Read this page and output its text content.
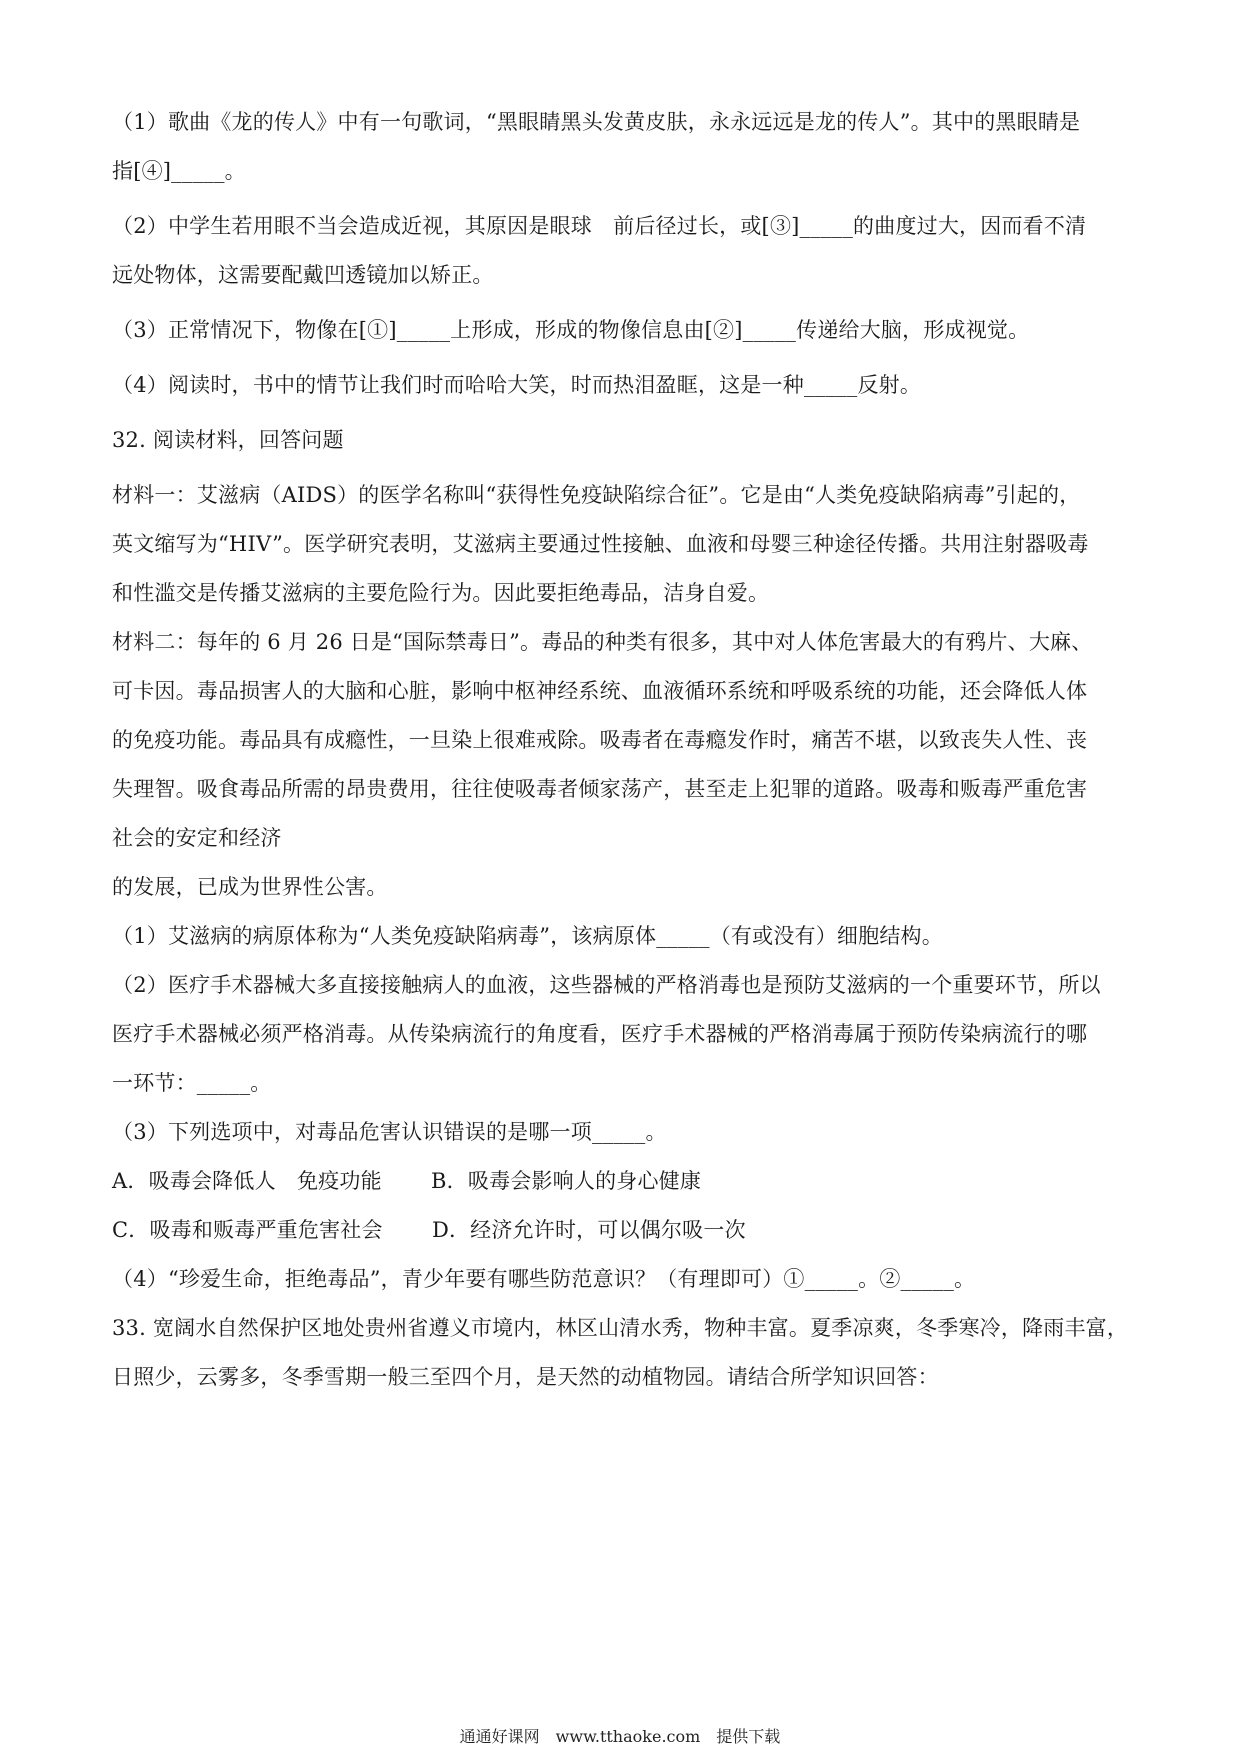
（1）歌曲《龙的传人》中有一句歌词，“黑眼睛黑头发黄皮肤，永永远远是龙的传人”。其中的黑眼睛是
指[④]_____。
（2）中学生若用眼不当会造成近视，其原因是眼球　前后径过长，或[③]_____的曲度过大，因而看不清
远处物体，这需要配戴凹透镜加以矫正。
（3）正常情况下，物像在[①]_____上形成，形成的物像信息由[②]_____传递给大脑，形成视觉。
（4）阅读时，书中的情节让我们时而哈哈大笑，时而热泪盈眶，这是一种_____反射。
32. 阅读材料，回答问题
材料一：艾滋病（AIDS）的医学名称叫“获得性免疫缺陷综合征”。它是由“人类免疫缺陷病毒”引起的，
英文缩写为“HIV”。医学研究表明，艾滋病主要通过性接触、血液和母婴三种途径传播。共用注射器吸毒
和性滥交是传播艾滋病的主要危险行为。因此要拒绝毒品，洁身自爱。
材料二：每年的 6 月 26 日是“国际禁毒日”。毒品的种类有很多，其中对人体危害最大的有鸦片、大麻、
可卡因。毒品损害人的大脑和心脏，影响中枢神经系统、血液循环系统和呼吸系统的功能，还会降低人体
的免疫功能。毒品具有成瘾性，一旦染上很难戒除。吸毒者在毒瘾发作时，痛苦不堪，以致丧失人性、丧
失理智。吸食毒品所需的昂贵费用，往往使吸毒者倾家荡产，甚至走上犯罪的道路。吸毒和贩毒严重危害
社会的安定和经济
的发展，已成为世界性公害。
（1）艾滋病的病原体称为“人类免疫缺陷病毒”，该病原体_____（有或没有）细胞结构。
（2）医疗手术器械大多直接接触病人的血液，这些器械的严格消毒也是预防艾滋病的一个重要环节，所以
医疗手术器械必须严格消毒。从传染病流行的角度看，医疗手术器械的严格消毒属于预防传染病流行的哪
一环节：_____。
（3）下列选项中，对毒品危害认识错误的是哪一项_____。
A．吸毒会降低人　免疫功能　　 B．吸毒会影响人的身心健康
C．吸毒和贩毒严重危害社会　　 D．经济允许时，可以偶尔吸一次
（4）“珍爱生命，拒绝毒品”，青少年要有哪些防范意识？（有理即可）①_____。②_____。
33. 宽阔水自然保护区地处贵州省遵义市境内，林区山清水秀，物种丰富。夏季凉爽，冬季寒冷，降雨丰富，
日照少，云雾多，冬季雪期一般三至四个月，是天然的动植物园。请结合所学知识回答：
通通好课网　www.tthaoke.com　提供下载
